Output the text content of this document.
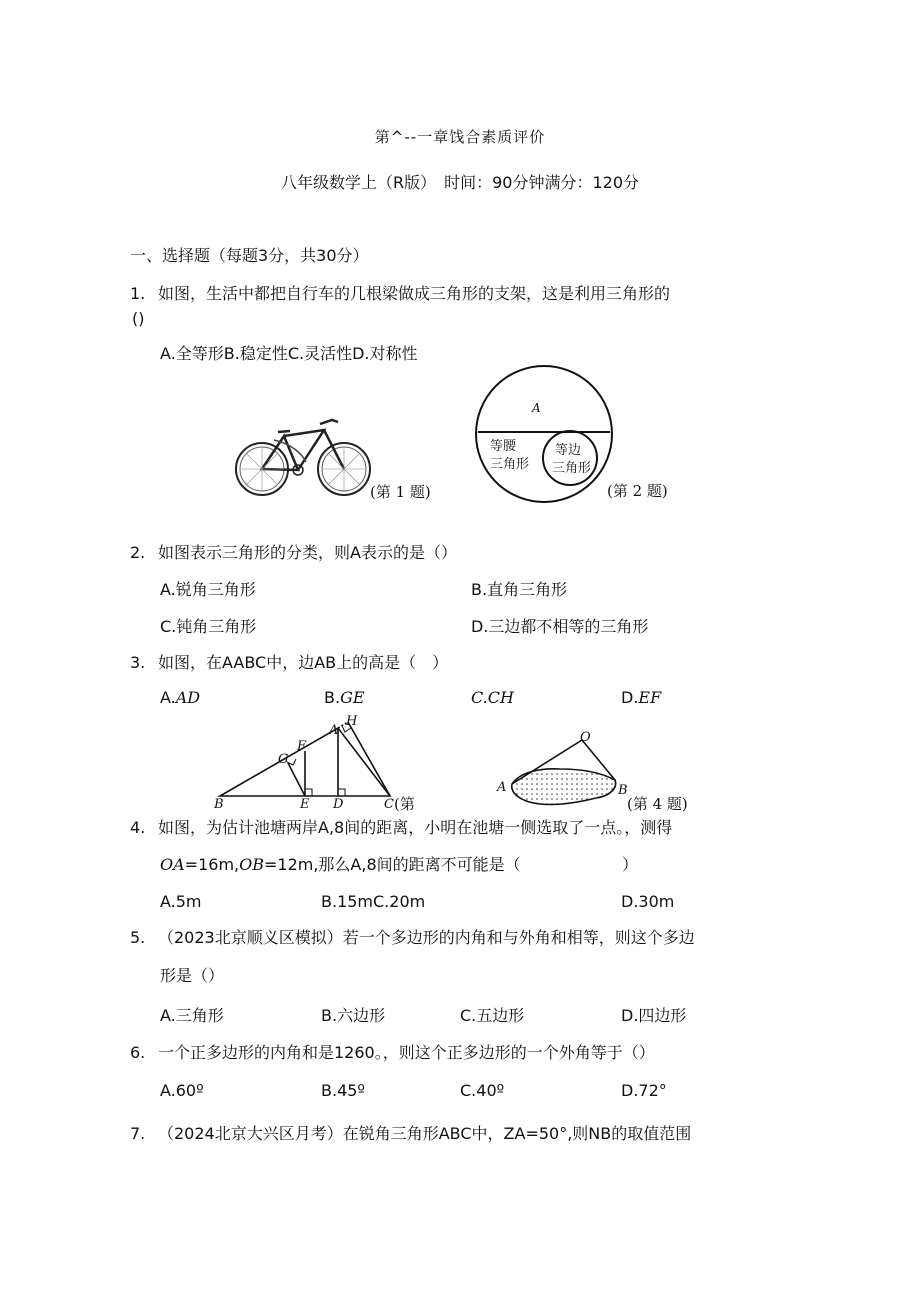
第^--一章饯合素质评价
八年级数学上（R版）　时间：90分钟满分：120分
一、选择题（每题3分，共30分）
1. 如图，生活中都把自行车的几根梁做成三角形的支架，这是利用三角形的
()
A.全等形B.稳定性C.灵活性D.对称性
(第 1 题)
A
等腰
三角形
等边
三角形
(第 2 题)
2. 如图表示三角形的分类，则A表示的是（）
A.锐角三角形	B.直角三角形
C.钝角三角形	D.三边都不相等的三角形
3. 如图，在AABC中，边AB上的高是（　）
A.AD	B.GE	C.CH	D.EF
B	E D	C
G
F
A
H
(第
O
A	B
(第 4 题)
4. 如图，为估计池塘两岸A,8间的距离，小明在池塘一侧选取了一点。，测得
OA=16m,OB=12m,那么A,8间的距离不可能是（	）
A.5m	B.15mC.20m	D.30m
5. （2023北京顺义区模拟）若一个多边形的内角和与外角和相等，则这个多边
形是（）
A.三角形	B.六边形	C.五边形	D.四边形
6. 一个正多边形的内角和是1260。，则这个正多边形的一个外角等于（）
A.60º	B.45º	C.40º	D.72°
7. （2024北京大兴区月考）在锐角三角形ABC中，ZA=50°,则NB的取值范围
